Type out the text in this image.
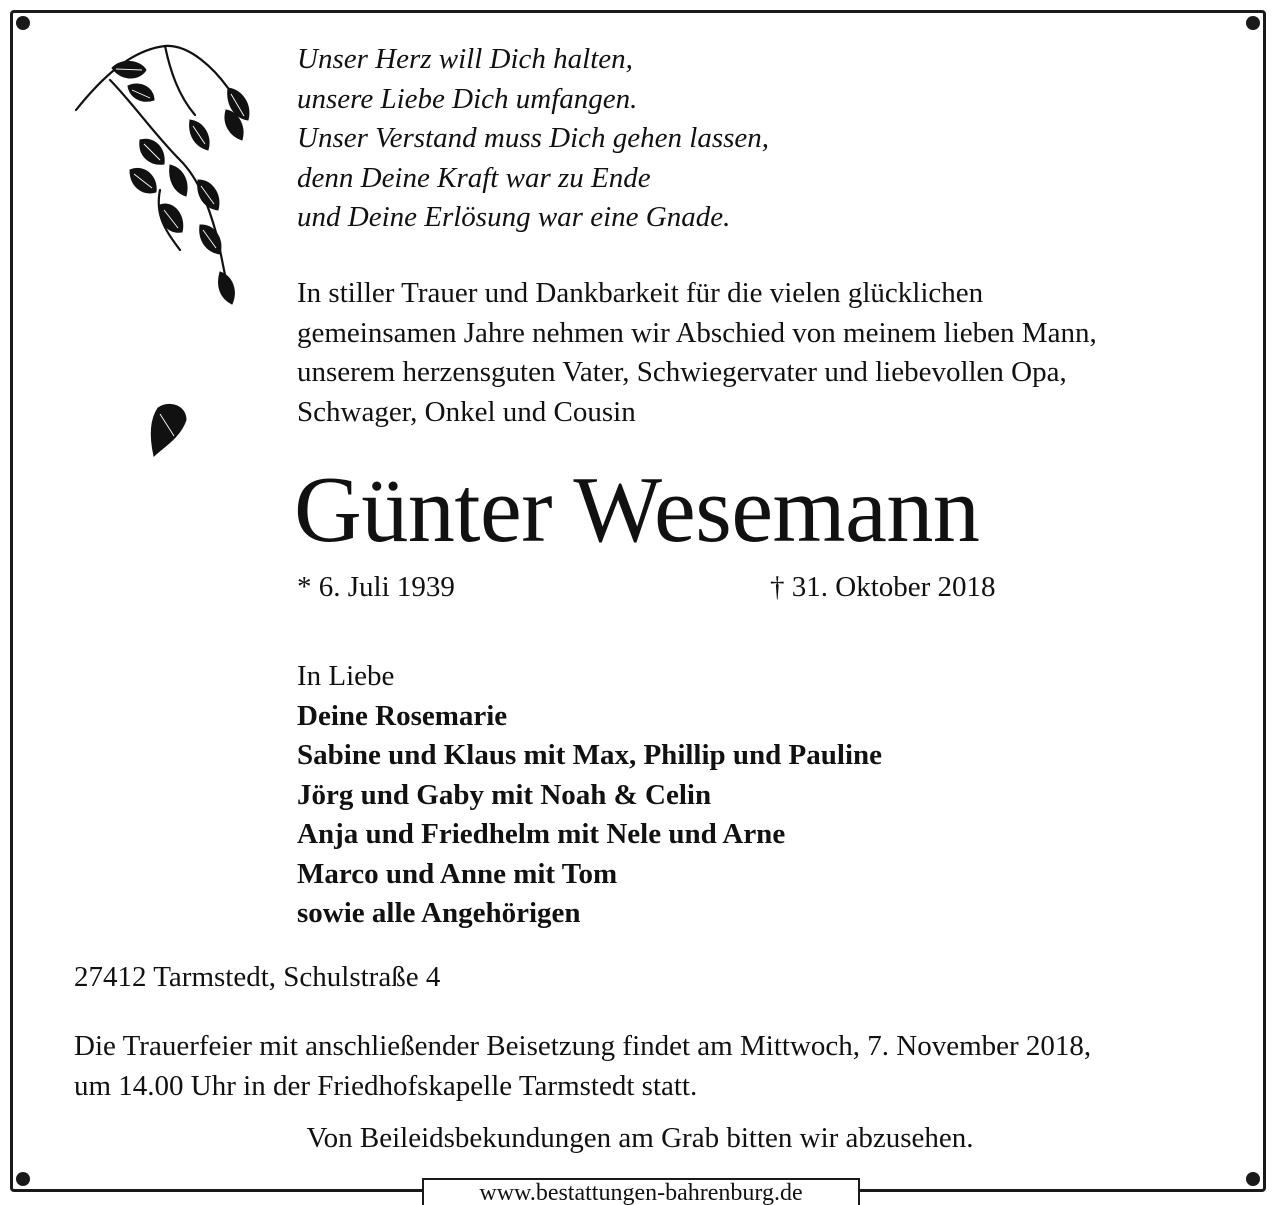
Unser Herz will Dich halten,
unsere Liebe Dich umfangen.
Unser Verstand muss Dich gehen lassen,
denn Deine Kraft war zu Ende
und Deine Erlösung war eine Gnade.
In stiller Trauer und Dankbarkeit für die vielen glücklichen
gemeinsamen Jahre nehmen wir Abschied von meinem lieben Mann,
unserem herzensguten Vater, Schwiegervater und liebevollen Opa,
Schwager, Onkel und Cousin
Günter Wesemann
* 6. Juli 1939	† 31. Oktober 2018
In Liebe
Deine Rosemarie
Sabine und Klaus mit Max, Phillip und Pauline
Jörg und Gaby mit Noah & Celin
Anja und Friedhelm mit Nele und Arne
Marco und Anne mit Tom
sowie alle Angehörigen
27412 Tarmstedt, Schulstraße 4
Die Trauerfeier mit anschließender Beisetzung findet am Mittwoch, 7. November 2018,
um 14.00 Uhr in der Friedhofskapelle Tarmstedt statt.
Von Beileidsbekundungen am Grab bitten wir abzusehen.
www.bestattungen-bahrenburg.de
